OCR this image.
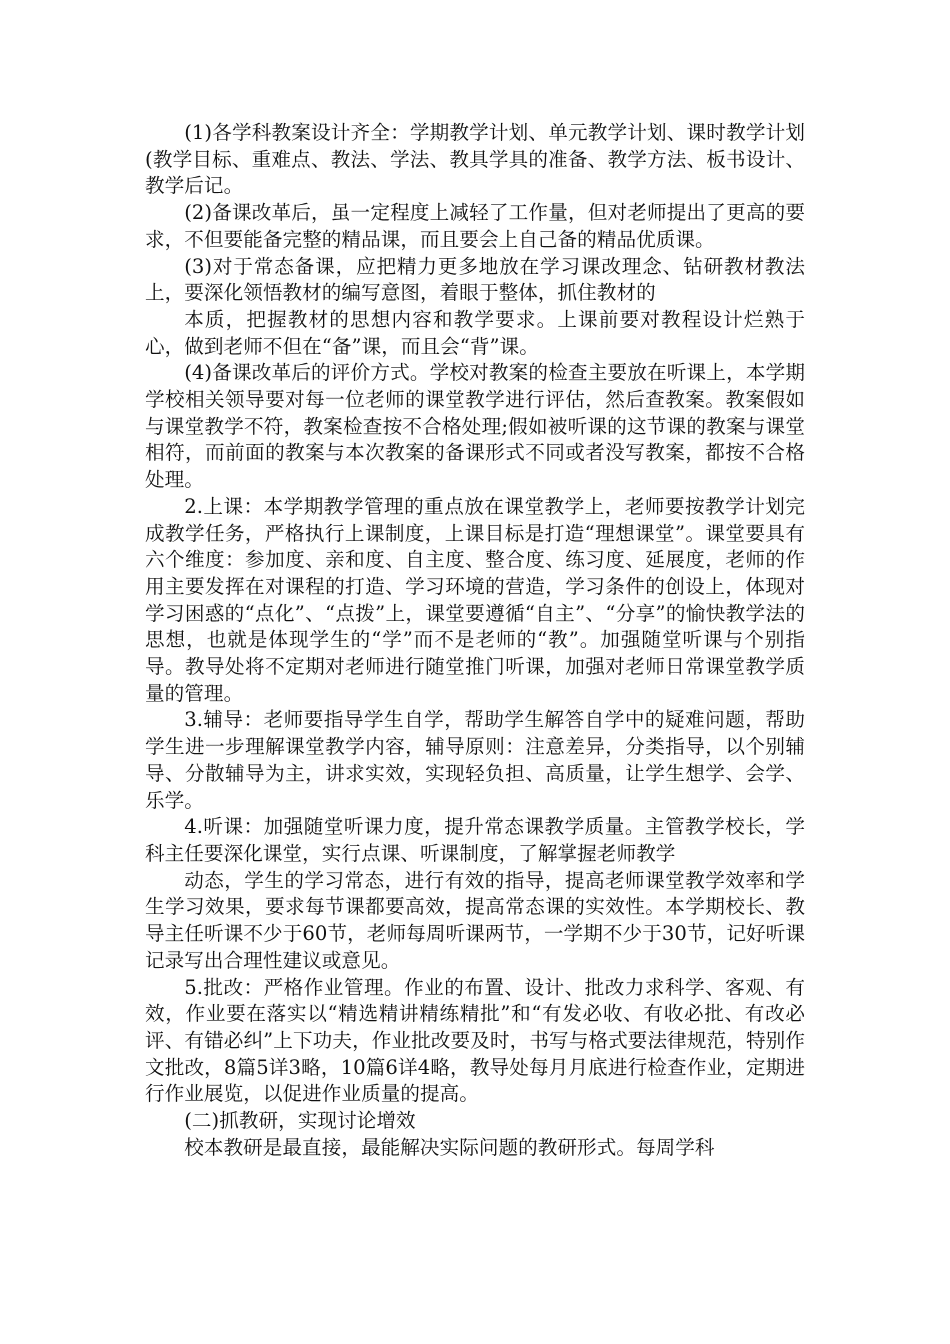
(1)各学科教案设计齐全：学期教学计划、单元教学计划、课时教学计划(教学目标、重难点、教法、学法、教具学具的准备、教学方法、板书设计、教学后记。

(2)备课改革后，虽一定程度上减轻了工作量，但对老师提出了更高的要求，不但要能备完整的精品课，而且要会上自己备的精品优质课。

(3)对于常态备课，应把精力更多地放在学习课改理念、钻研教材教法上，要深化领悟教材的编写意图，着眼于整体，抓住教材的

本质，把握教材的思想内容和教学要求。上课前要对教程设计烂熟于心，做到老师不但在“备”课，而且会“背”课。

(4)备课改革后的评价方式。学校对教案的检查主要放在听课上，本学期学校相关领导要对每一位老师的课堂教学进行评估，然后查教案。教案假如与课堂教学不符，教案检查按不合格处理;假如被听课的这节课的教案与课堂相符，而前面的教案与本次教案的备课形式不同或者没写教案，都按不合格处理。

2.上课：本学期教学管理的重点放在课堂教学上，老师要按教学计划完成教学任务，严格执行上课制度，上课目标是打造“理想课堂”。课堂要具有六个维度：参加度、亲和度、自主度、整合度、练习度、延展度，老师的作用主要发挥在对课程的打造、学习环境的营造，学习条件的创设上，体现对学习困惑的“点化”、“点拨”上，课堂要遵循“自主”、“分享”的愉快教学法的思想，也就是体现学生的“学”而不是老师的“教”。加强随堂听课与个别指导。教导处将不定期对老师进行随堂推门听课，加强对老师日常课堂教学质量的管理。

3.辅导：老师要指导学生自学，帮助学生解答自学中的疑难问题，帮助学生进一步理解课堂教学内容，辅导原则：注意差异，分类指导，以个别辅导、分散辅导为主，讲求实效，实现轻负担、高质量，让学生想学、会学、乐学。

4.听课：加强随堂听课力度，提升常态课教学质量。主管教学校长，学科主任要深化课堂，实行点课、听课制度，了解掌握老师教学

动态，学生的学习常态，进行有效的指导，提高老师课堂教学效率和学生学习效果，要求每节课都要高效，提高常态课的实效性。本学期校长、教导主任听课不少于60节，老师每周听课两节，一学期不少于30节，记好听课记录写出合理性建议或意见。

5.批改：严格作业管理。作业的布置、设计、批改力求科学、客观、有效，作业要在落实以“精选精讲精练精批”和“有发必收、有收必批、有改必评、有错必纠”上下功夫，作业批改要及时，书写与格式要法律规范，特别作文批改，8篇5详3略，10篇6详4略，教导处每月月底进行检查作业，定期进行作业展览，以促进作业质量的提高。

(二)抓教研，实现讨论增效

校本教研是最直接，最能解决实际问题的教研形式。每周学科
